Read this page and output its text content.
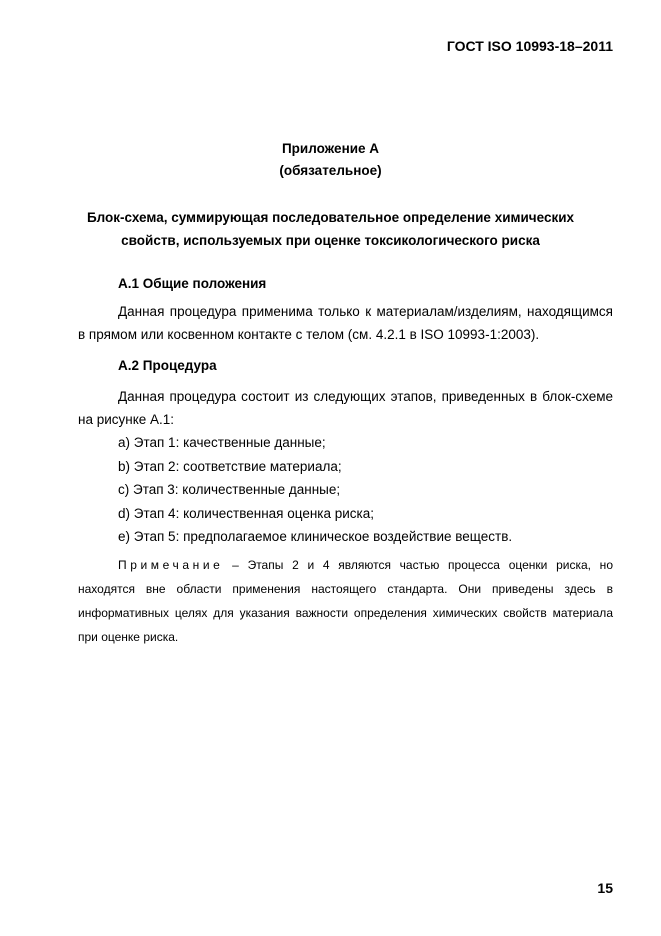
ГОСТ ISO 10993-18–2011
Приложение А
(обязательное)
Блок-схема, суммирующая последовательное определение химических
свойств, используемых при оценке токсикологического риска
А.1 Общие положения

Данная процедура применима только к материалам/изделиям, находящимся в прямом или косвенном контакте с телом (см. 4.2.1 в ISO 10993-1:2003).

А.2 Процедура

Данная процедура состоит из следующих этапов, приведенных в блок-схеме на рисунке А.1:

a) Этап 1: качественные данные;
b) Этап 2: соответствие материала;
c) Этап 3: количественные данные;
d) Этап 4: количественная оценка риска;
e) Этап 5: предполагаемое клиническое воздействие веществ.

Примечание – Этапы 2 и 4 являются частью процесса оценки риска, но находятся вне области применения настоящего стандарта. Они приведены здесь в информативных целях для указания важности определения химических свойств материала при оценке риска.

15
